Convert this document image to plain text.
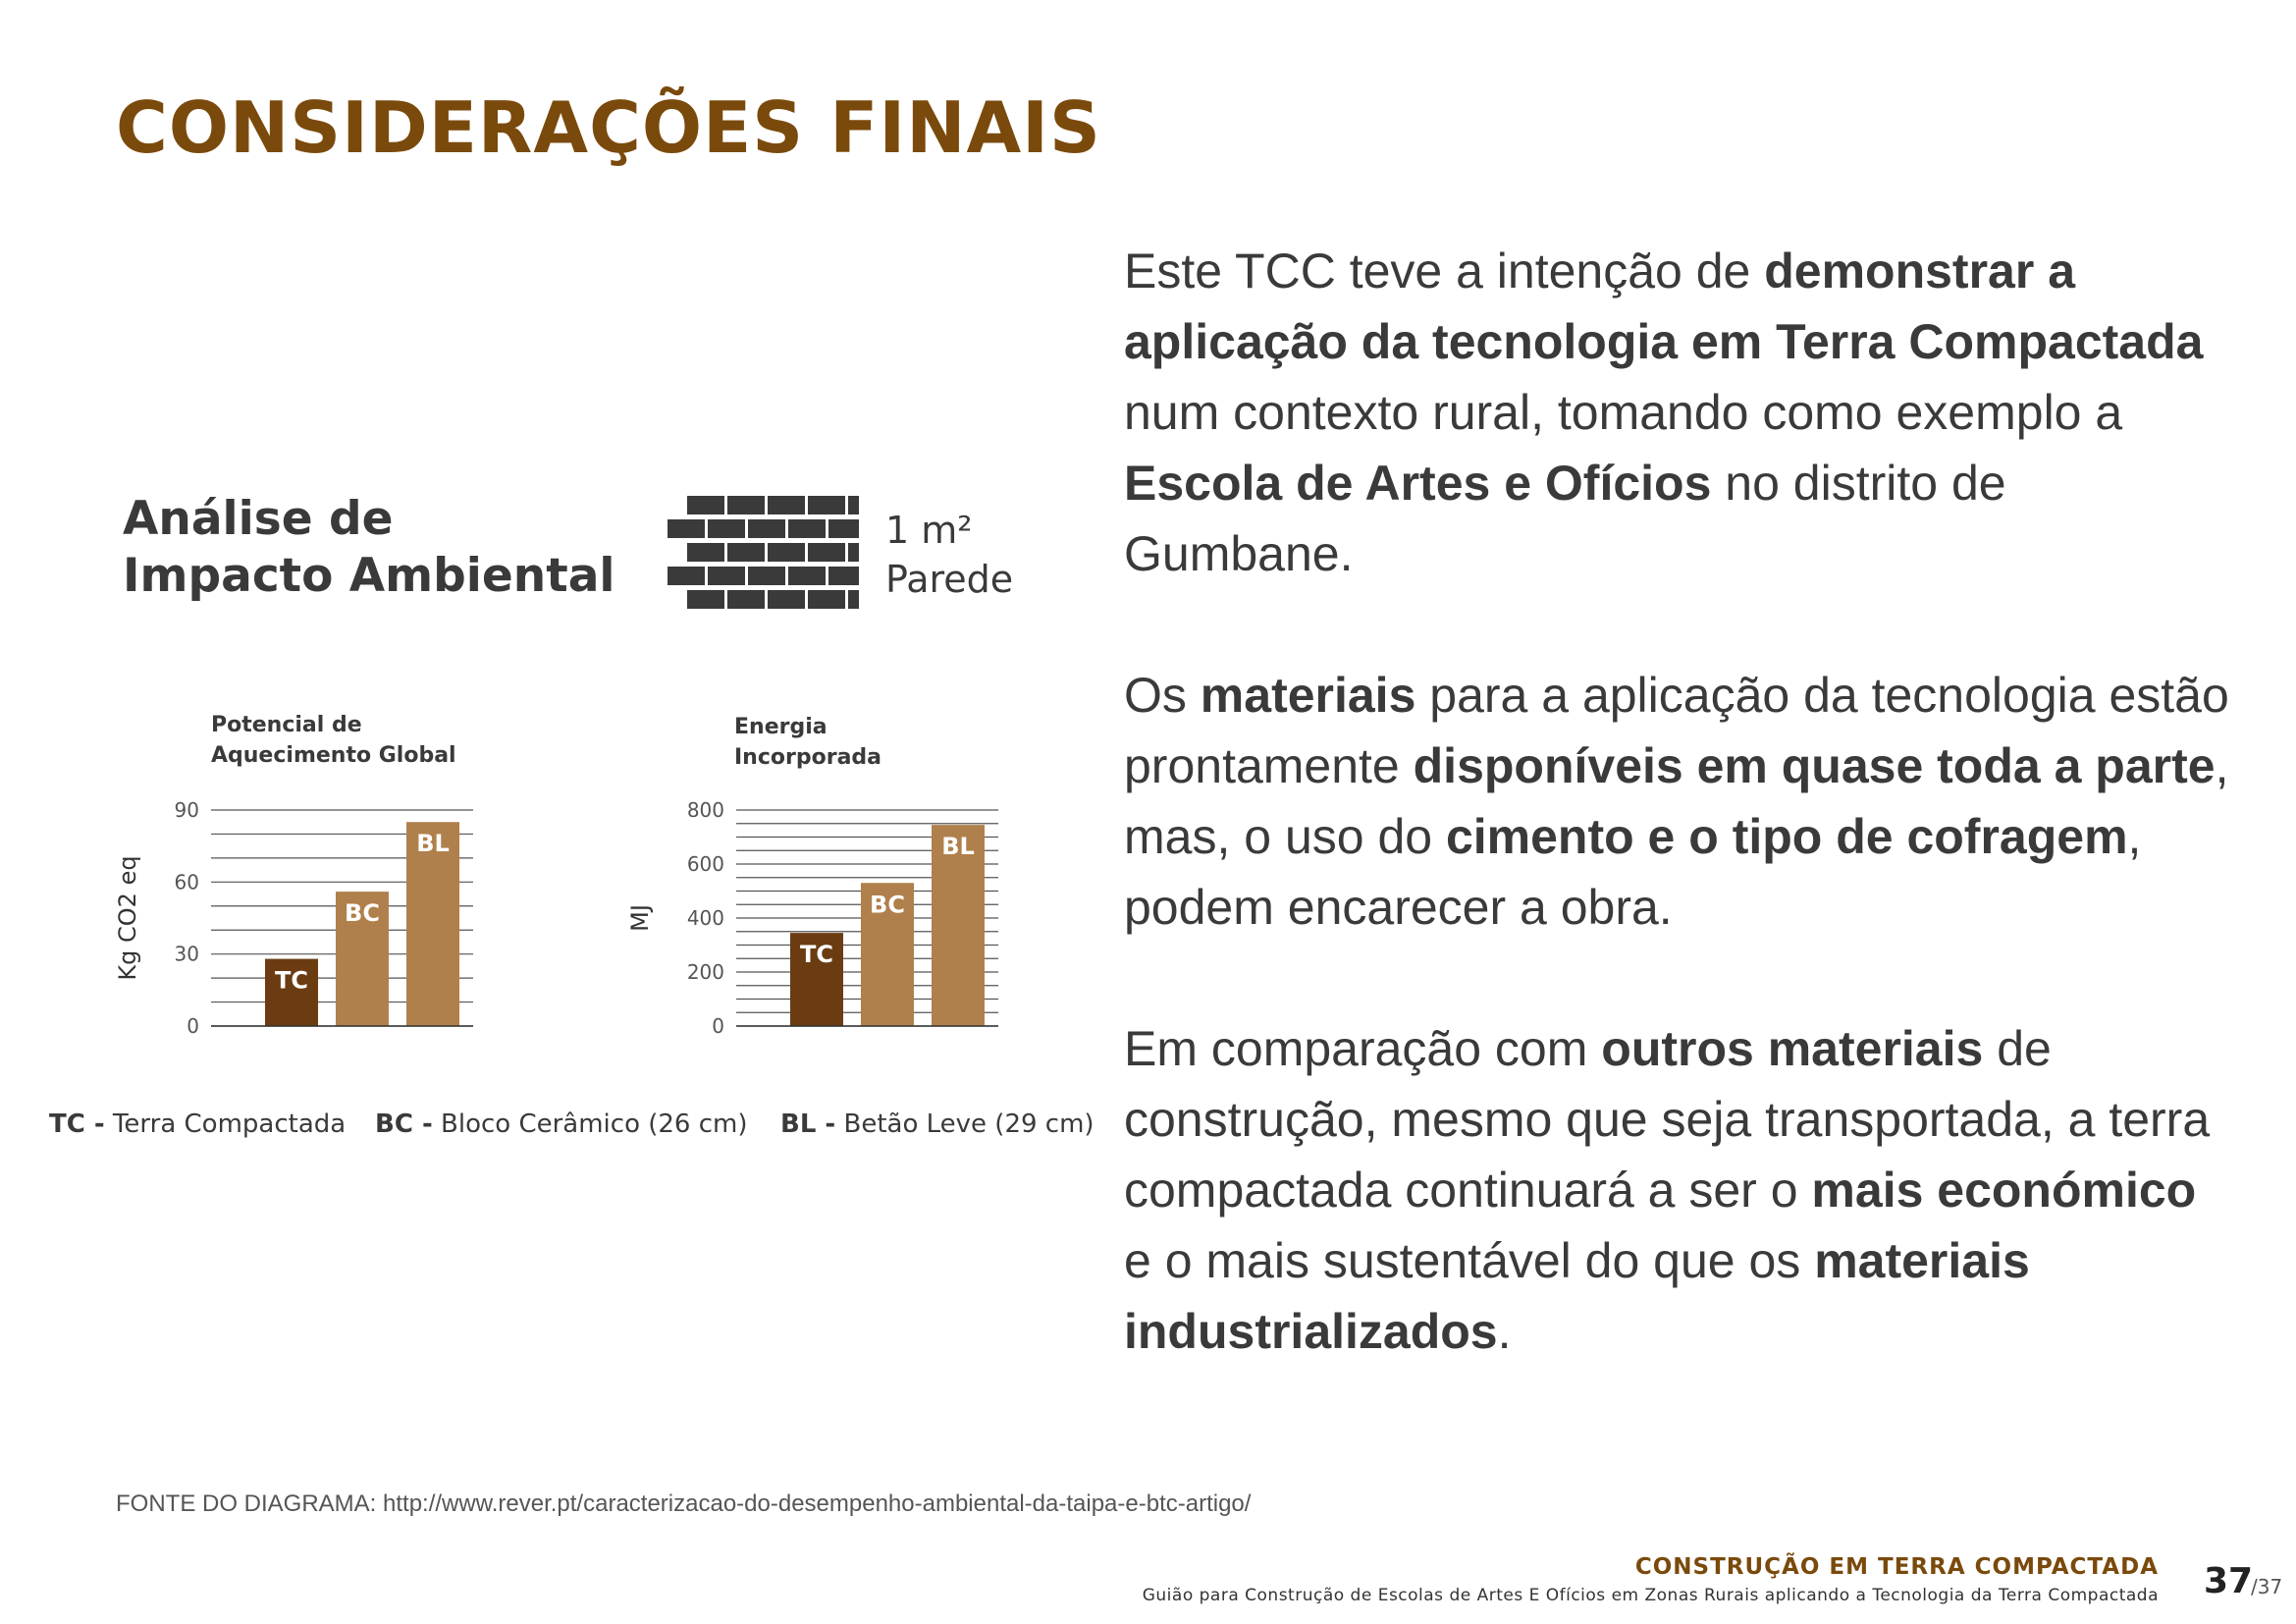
CONSIDERAÇÕES FINAIS
Análise de
Impacto Ambiental
1 m²
Parede
Potencial de
Aquecimento Global
0
30
60
90
Kg CO2 eq	TC
BC
BL
Energia
Incorporada
0
200
400
600
800
MJ
TC
BC
BL
TC - Terra Compactada BC - Bloco Cerâmico (26 cm) BL - Betão Leve (29 cm)

Este TCC teve a intenção de demonstrar a aplicação da tecnologia em Terra Compactada num contexto rural, tomando como exemplo a Escola de Artes e Ofícios no distrito de Gumbane.

Os materiais para a aplicação da tecnologia estão prontamente disponíveis em quase toda a parte, mas, o uso do cimento e o tipo de cofragem, podem encarecer a obra.

Em comparação com outros materiais de construção, mesmo que seja transportada, a terra compactada continuará a ser o mais económico e o mais sustentável do que os materiais industrializados.

FONTE DO DIAGRAMA: http://www.rever.pt/caracterizacao-do-desempenho-ambiental-da-taipa-e-btc-artigo/
CONSTRUÇÃO EM TERRA COMPACTADA
Guião para Construção de Escolas de Artes E Ofícios em Zonas Rurais aplicando a Tecnologia da Terra Compactada 37
/37
